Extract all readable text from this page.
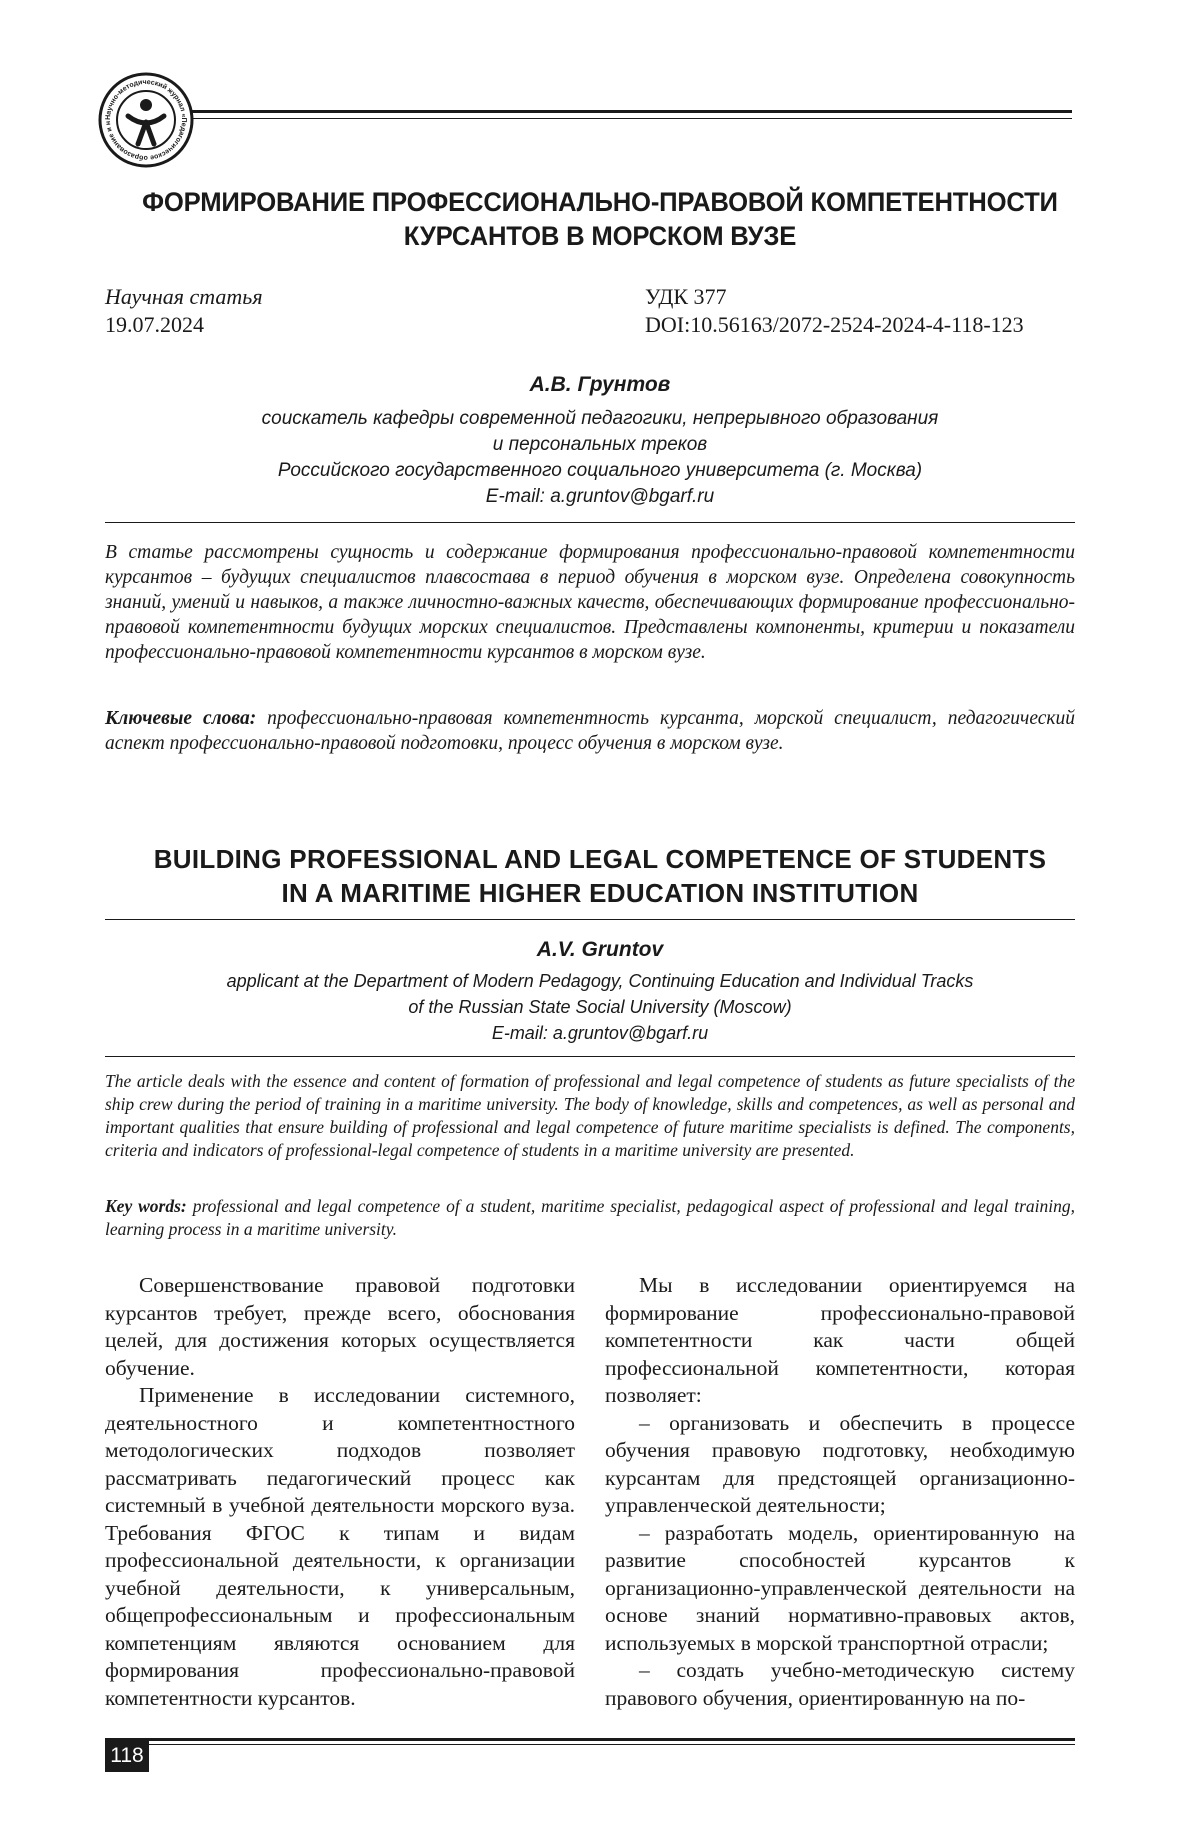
Научно-методический журнал «Педагогическое образование и н
ФОРМИРОВАНИЕ ПРОФЕССИОНАЛЬНО-ПРАВОВОЙ КОМПЕТЕНТНОСТИ
КУРСАНТОВ В МОРСКОМ ВУЗЕ
Научная статья
19.07.2024
УДК 377
DOI:10.56163/2072-2524-2024-4-118-123
А.В. Грунтов
соискатель кафедры современной педагогики, непрерывного образования
и персональных треков
Российского государственного социального университета (г. Москва)
E-mail: a.gruntov@bgarf.ru
В статье рассмотрены сущность и содержание формирования профессионально-правовой компетентности курсантов – будущих специалистов плавсостава в период обучения в морском вузе. Определена совокупность знаний, умений и навыков, а также личностно-важных качеств, обеспечивающих формирование профессионально-правовой компетентности будущих морских специалистов. Представлены компоненты, критерии и показатели профессионально-правовой компетентности курсантов в морском вузе.
Ключевые слова: профессионально-правовая компетентность курсанта, морской специалист, педагогический аспект профессионально-правовой подготовки, процесс обучения в морском вузе.
BUILDING PROFESSIONAL AND LEGAL COMPETENCE OF STUDENTS
IN A MARITIME HIGHER EDUCATION INSTITUTION
A.V. Gruntov
applicant at the Department of Modern Pedagogy, Continuing Education and Individual Tracks
of the Russian State Social University (Moscow)
E-mail: a.gruntov@bgarf.ru
The article deals with the essence and content of formation of professional and legal competence of students as future specialists of the ship crew during the period of training in a maritime university. The body of knowledge, skills and competences, as well as personal and important qualities that ensure building of professional and legal competence of future maritime specialists is defined. The components, criteria and indicators of professional-legal competence of students in a maritime university are presented.
Key words: professional and legal competence of a student, maritime specialist, pedagogical aspect of professional and legal training, learning process in a maritime university.

Совершенствование правовой подготовки курсантов требует, прежде всего, обоснования целей, для достижения которых осуществляется обучение.

Применение в исследовании системного, деятельностного и компетентностного методологических подходов позволяет рассматривать педагогический процесс как системный в учебной деятельности морского вуза. Требования ФГОС к типам и видам профессиональной деятельности, к организации учебной деятельности, к универсальным, общепрофессиональным и профессиональным компетенциям являются основанием для формирования профессионально-правовой компетентности курсантов.

Мы в исследовании ориентируемся на формирование профессионально-правовой компетентности как части общей профессиональной компетентности, которая позволяет:

– организовать и обеспечить в процессе обучения правовую подготовку, необходимую курсантам для предстоящей организационно-управленческой деятельности;

– разработать модель, ориентированную на развитие способностей курсантов к организационно-управленческой деятельности на основе знаний нормативно-правовых актов, используемых в морской транспортной отрасли;

– создать учебно-методическую систему правового обучения, ориентированную на по-

118
